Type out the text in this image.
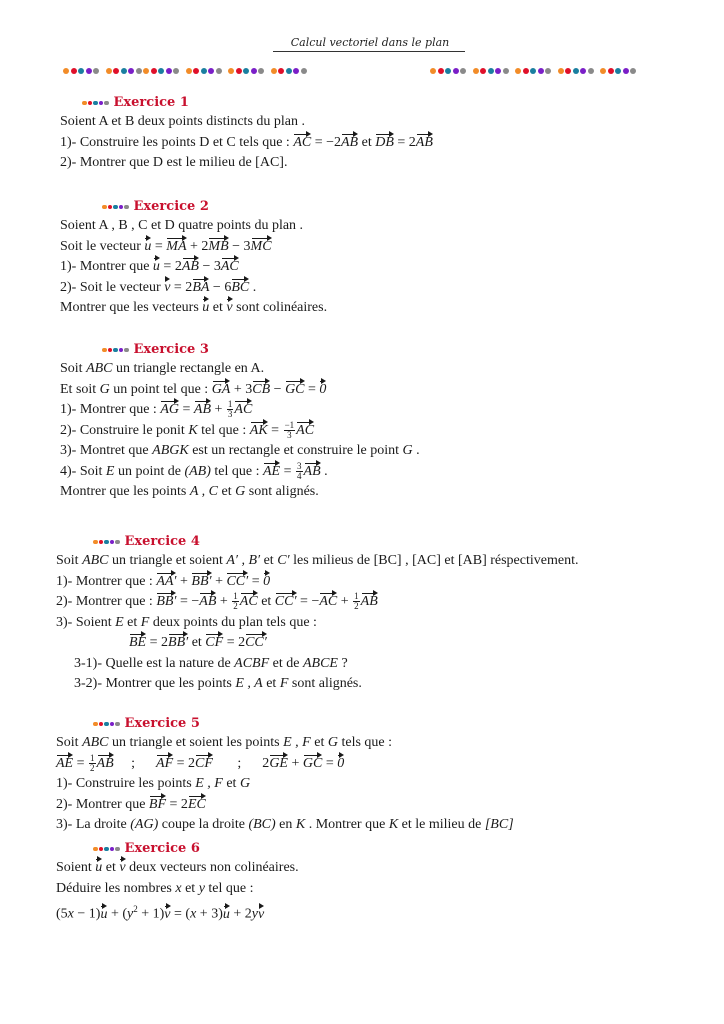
Calcul vectoriel dans le plan
Exercice 1
Soient A et B deux points distincts du plan .
1)- Construire les points D et C tels que : AC = −2AB et DB = 2AB
2)- Montrer que D est le milieu de [AC].
Exercice 2
Soient A , B , C et D quatre points du plan .
Soit le vecteur u = MA + 2MB − 3MC
1)- Montrer que u = 2AB − 3AC
2)- Soit le vecteur v = 2BA − 6BC .
Montrer que les vecteurs u et v sont colinéaires.
Exercice 3
Soit ABC un triangle rectangle en A.
Et soit G un point tel que : GA + 3CB − GC = 0
1)- Montrer que : AG = AB + $\frac{1}{3}$ AC
2)- Construire le ponit K tel que : AK = $\frac{-1}{3}$ AC
3)- Montret que ABGK est un rectangle et construire le point G .
4)- Soit E un point de (AB) tel que : AE = $\frac{3}{4}$ AB .
Montrer que les points A , C et G sont alignés.
Exercice 4
Soit ABC un triangle et soient A′ , B′ et C′ les milieus de [BC] , [AC] et [AB] réspectivement.
1)- Montrer que : AA′ + BB′ + CC′ = 0
2)- Montrer que : $BB' = -AB + \frac{1}{2}$ AC et $CC' = -AC + \frac{1}{2}$ AB
3)- Soient E et F deux points du plan tels que :
BE = 2BB′ et CF = 2CC′
3-1)- Quelle est la nature de ACBF et de ABCE ?
3-2)- Montrer que les points E , A et F sont alignés.
Exercice 5
Soit ABC un triangle et soient les points E , F et G tels que :
AE = $\frac{1}{2}$ AB     ;      AF = 2CF       ;      2GE + GC = 0
1)- Construire les points E , F et G
2)- Montrer que BF = 2EC
3)- La droite (AG) coupe la droite (BC) en K . Montrer que K et le milieu de [BC]
Exercice 6
Soient u et v deux vecteurs non colinéaires.
Déduire les nombres x et y tel que :
$(5x - 1)u + (y^2 + 1)v = (x + 3)u + 2yv$
